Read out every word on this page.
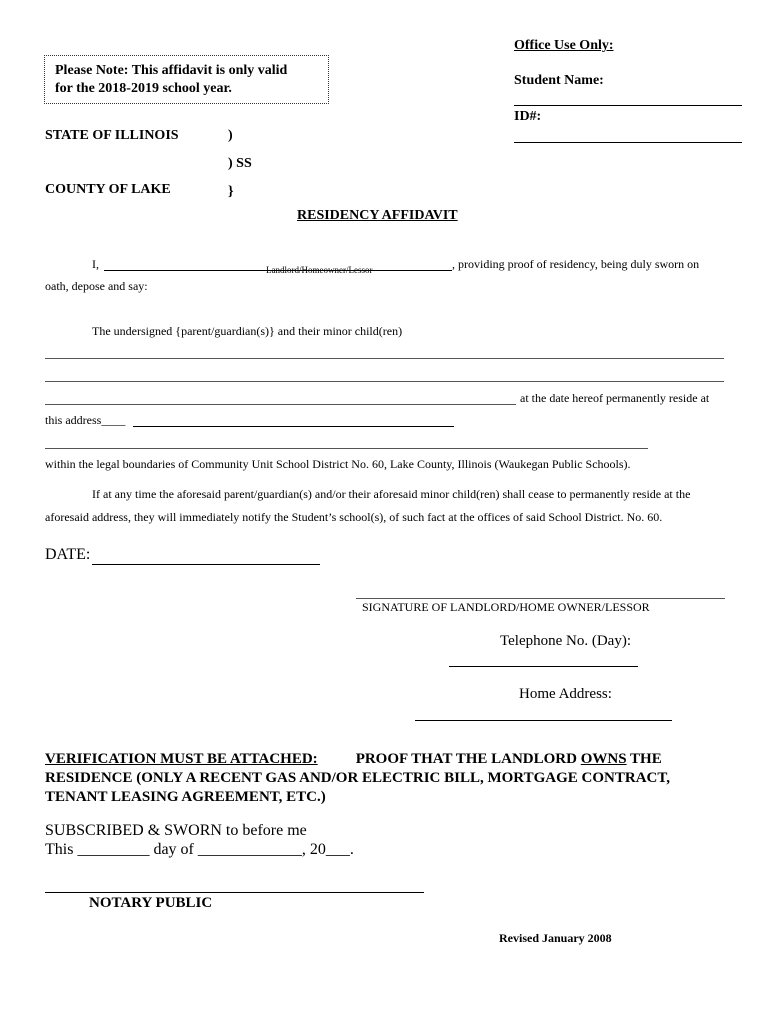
Office Use Only:
Student Name:
ID#:
Please Note: This affidavit is only valid
for the 2018-2019 school year.
STATE OF ILLINOIS	)
) SS
COUNTY OF LAKE	}
RESIDENCY AFFIDAVIT
I,	Landlord/Homeowner/Lessor	, providing proof of residency, being duly sworn on
oath, depose and say:
The undersigned {parent/guardian(s)} and their minor child(ren)
at the date hereof permanently reside at
this address____
within the legal boundaries of Community Unit School District No. 60, Lake County, Illinois (Waukegan Public Schools).
If at any time the aforesaid parent/guardian(s) and/or their aforesaid minor child(ren) shall cease to permanently reside at the
aforesaid address, they will immediately notify the Student’s school(s), of such fact at the offices of said School District. No. 60.
DATE:
SIGNATURE OF LANDLORD/HOME OWNER/LESSOR
Telephone No. (Day):
Home Address:
VERIFICATION MUST BE ATTACHED:	PROOF THAT THE LANDLORD OWNS THE
RESIDENCE (ONLY A RECENT GAS AND/OR ELECTRIC BILL, MORTGAGE CONTRACT,
TENANT LEASING AGREEMENT, ETC.)
SUBSCRIBED & SWORN to before me
This _________ day of _____________, 20___.
NOTARY PUBLIC
Revised January 2008
